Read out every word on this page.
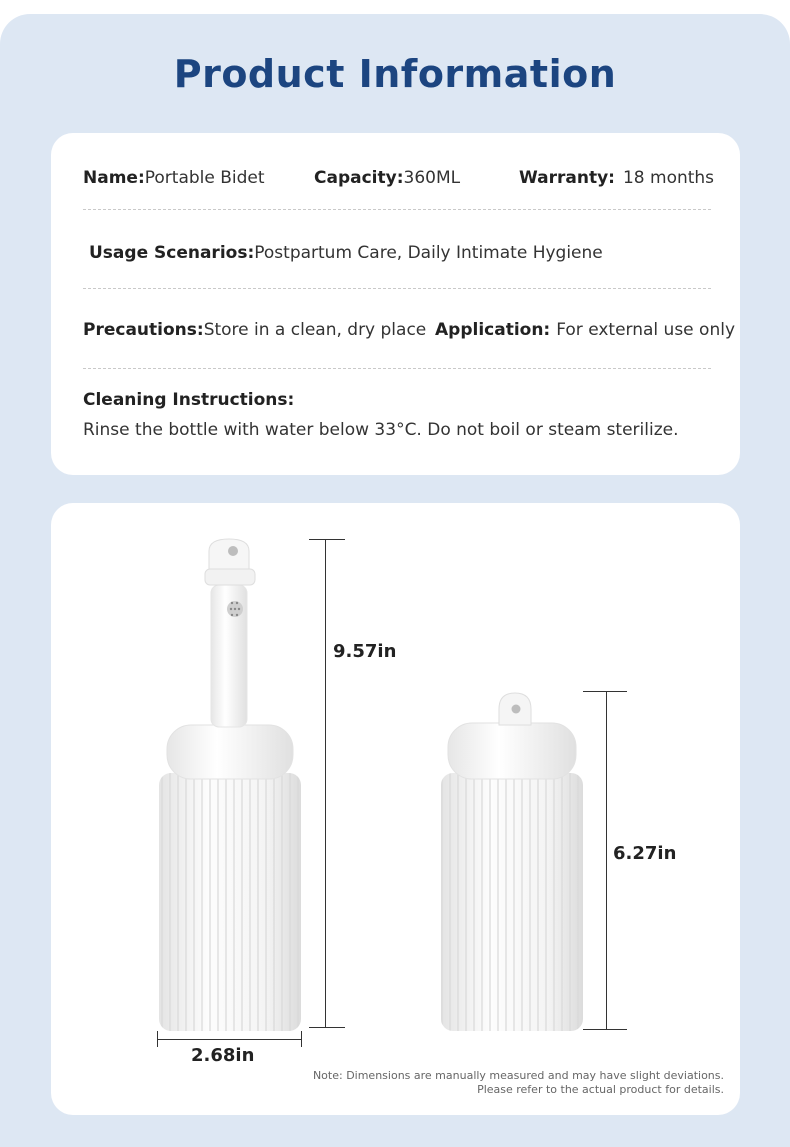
Product Information
Name:Portable Bidet	Capacity:360ML	Warranty: 18 months
Usage Scenarios:Postpartum Care, Daily Intimate Hygiene
Precautions:Store in a clean, dry place Application: For external use only
Cleaning Instructions:
Rinse the bottle with water below 33°C. Do not boil or steam sterilize.
9.57in
6.27in
2.68in
Note: Dimensions are manually measured and may have slight deviations.
Please refer to the actual product for details.
